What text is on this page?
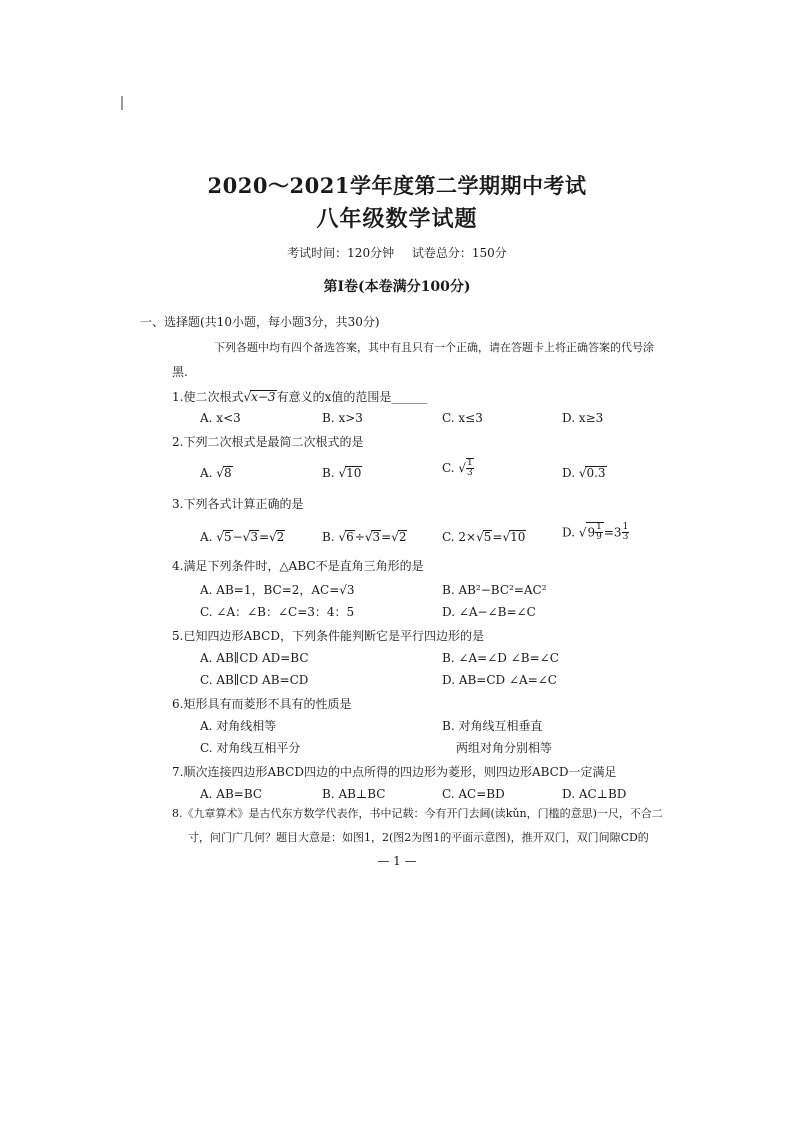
2020～2021学年度第二学期期中考试
八年级数学试题
考试时间：120分钟 试卷总分：150分
第Ⅰ卷(本卷满分100分)
一、选择题(共10小题，每小题3分，共30分)
下列各题中均有四个备选答案，其中有且只有一个正确，请在答题卡上将正确答案的代号涂
黑.
1.使二次根式√x−3有意义的x值的范围是______
A. x<3	B. x>3	C. x≤3	D. x≥3
2.下列二次根式是最简二次根式的是
A. √8	B. √10	C. √ $\frac{1}{3}$	D. √0.3
3.下列各式计算正确的是
A. √5−√3=√2	B. √6÷√3=√2	C. 2×√5=√10	D. $√9 \frac{1}{9} =3 \frac{1}{3}$
4.满足下列条件时，△ABC不是直角三角形的是
A. AB=1，BC=2，AC=√3	B. AB²−BC²=AC²
C. ∠A：∠B：∠C=3：4：5	D. ∠A−∠B=∠C
5.已知四边形ABCD，下列条件能判断它是平行四边形的是
A. AB∥CD AD=BC	B. ∠A=∠D ∠B=∠C
C. AB∥CD AB=CD	D. AB=CD ∠A=∠C
6.矩形具有而菱形不具有的性质是
A. 对角线相等	B. 对角线互相垂直
C. 对角线互相平分	两组对角分别相等
7.顺次连接四边形ABCD四边的中点所得的四边形为菱形，则四边形ABCD一定满足
A. AB=BC	B. AB⊥BC	C. AC=BD	D. AC⊥BD
8.《九章算术》是古代东方数学代表作，书中记载：今有开门去阃(读kǔn，门槛的意思)一尺，不合二
寸，问门广几何？题目大意是：如图1，2(图2为图1的平面示意图)，推开双门，双门间隙CD的
— 1 —
